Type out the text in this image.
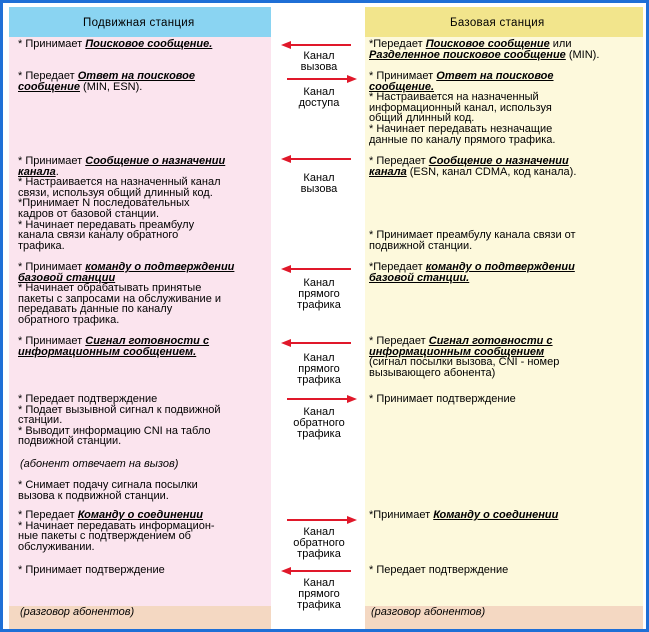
Подвижная станция	Базовая станция
* Принимает Поисковое сообщение.
* Передает Ответ на поисковое
сообщение (MIN, ESN).
* Принимает Сообщение о назначении
канала.
* Настраивается на назначенный канал
связи, используя общий длинный код.
*Принимает N последовательных
кадров от базовой станции.
* Начинает передавать преамбулу
канала связи каналу обратного
трафика.
* Принимает команду о подтверждении
базовой станции
* Начинает обрабатывать принятые
пакеты с запросами на обслуживание и
передавать данные по каналу
обратного трафика.
* Принимает Сигнал готовности с
информационным сообщением.
* Передает подтверждение
* Подает вызывной сигнал к подвижной
станции.
* Выводит информацию CNI на табло
подвижной станции.
(абонент отвечает на вызов)
* Снимает подачу сигнала посылки
вызова к подвижной станции.
* Передает Команду о соединении
* Начинает передавать информацион-
ные пакеты с подтверждением об
обслуживании.
* Принимает подтверждение
(разговор абонентов)
*Передает Поисковое сообщение или
Разделенное поисковое сообщение (MIN).
* Принимает Ответ на поисковое
сообщение.
* Настраивается на назначенный
информационный канал, используя
общий длинный код.
* Начинает передавать незначащие
данные по каналу прямого трафика.
* Передает Сообщение о назначении
канала (ESN, канал CDMA, код канала).
* Принимает преамбулу канала связи от
подвижной станции.
*Передает команду о подтверждении
базовой станции.
* Передает Сигнал готовности с
информационным сообщением
(сигнал посылки вызова, CNI - номер
вызывающего абонента)
* Принимает подтверждение
*Принимает Команду о соединении
* Передает подтверждение
(разговор абонентов)
Канал
вызова
Канал
доступа
Канал
вызова
Канал
прямого
трафика
Канал
прямого
трафика
Канал
обратного
трафика
Канал
обратного
трафика
Канал
прямого
трафика
